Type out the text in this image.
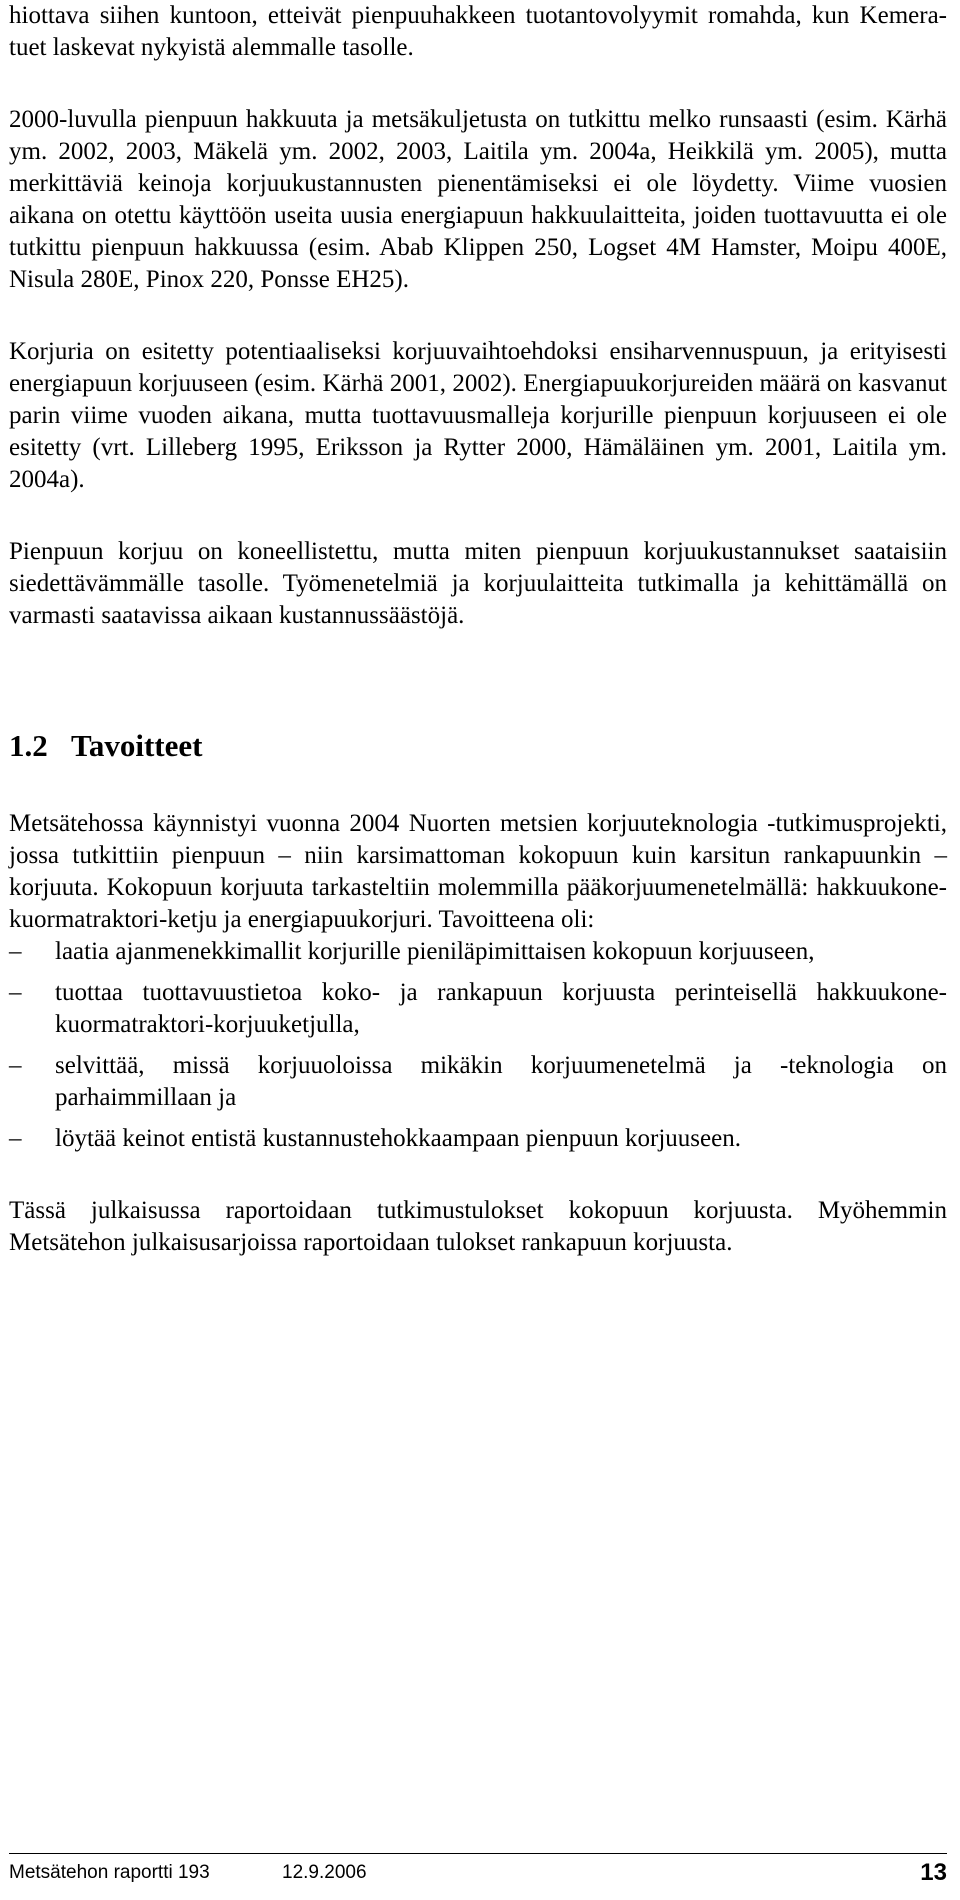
hiottava siihen kuntoon, etteivät pienpuuhakkeen tuotantovolyymit romahda, kun Kemera-tuet laskevat nykyistä alemmalle tasolle.

2000-luvulla pienpuun hakkuuta ja metsäkuljetusta on tutkittu melko runsaasti (esim. Kärhä ym. 2002, 2003, Mäkelä ym. 2002, 2003, Laitila ym. 2004a, Heikkilä ym. 2005), mutta merkittäviä keinoja korjuukustannusten pienentämiseksi ei ole löydetty. Viime vuosien aikana on otettu käyttöön useita uusia energiapuun hakkuulaitteita, joiden tuottavuutta ei ole tutkittu pienpuun hakkuussa (esim. Abab Klippen 250, Logset 4M Hamster, Moipu 400E, Nisula 280E, Pinox 220, Ponsse EH25).

Korjuria on esitetty potentiaaliseksi korjuuvaihtoehdoksi ensiharvennuspuun, ja erityisesti energiapuun korjuuseen (esim. Kärhä 2001, 2002). Energiapuukorjureiden määrä on kasvanut parin viime vuoden aikana, mutta tuottavuusmalleja korjurille pienpuun korjuuseen ei ole esitetty (vrt. Lilleberg 1995, Eriksson ja Rytter 2000, Hämäläinen ym. 2001, Laitila ym. 2004a).

Pienpuun korjuu on koneellistettu, mutta miten pienpuun korjuukustannukset saataisiin siedettävämmälle tasolle. Työmenetelmiä ja korjuulaitteita tutkimalla ja kehittämällä on varmasti saatavissa aikaan kustannussäästöjä.

1.2 Tavoitteet

Metsätehossa käynnistyi vuonna 2004 Nuorten metsien korjuuteknologia -tutkimusprojekti, jossa tutkittiin pienpuun – niin karsimattoman kokopuun kuin karsitun rankapuunkin – korjuuta. Kokopuun korjuuta tarkasteltiin molemmilla pääkorjuumenetelmällä: hakkuukone-kuormatraktori-ketju ja energiapuukorjuri. Tavoitteena oli:

–	laatia ajanmenekkimallit korjurille pieniläpimittaisen kokopuun korjuuseen,
–	tuottaa tuottavuustietoa koko- ja rankapuun korjuusta perinteisellä hakkuukone-kuormatraktori-korjuuketjulla,
–	selvittää, missä korjuuoloissa mikäkin korjuumenetelmä ja -teknologia on parhaimmillaan ja
–	löytää keinot entistä kustannustehokkaampaan pienpuun korjuuseen.

Tässä julkaisussa raportoidaan tutkimustulokset kokopuun korjuusta. Myöhemmin Metsätehon julkaisusarjoissa raportoidaan tulokset rankapuun korjuusta.

Metsätehon raportti 193	12.9.2006	13
